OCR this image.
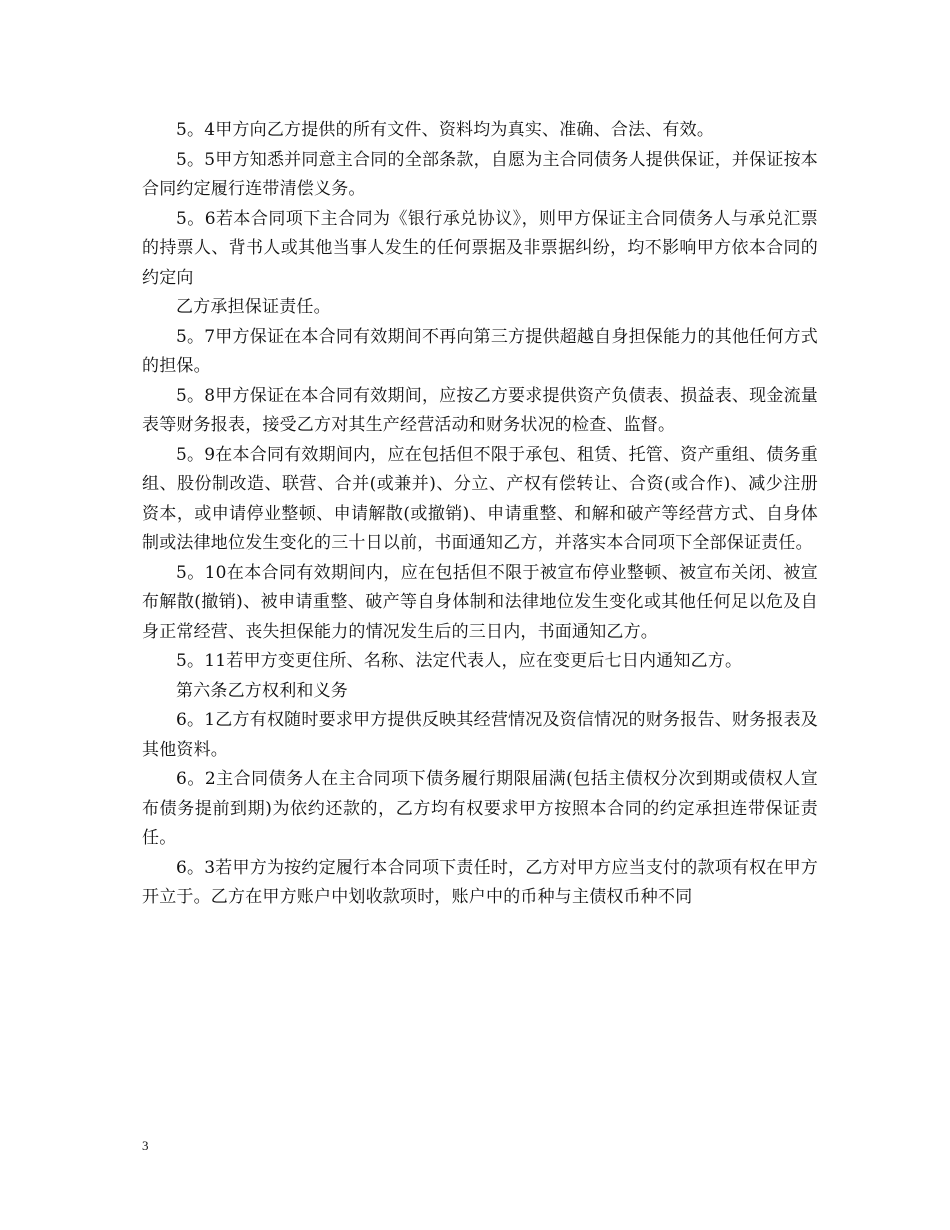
5。4甲方向乙方提供的所有文件、资料均为真实、准确、合法、有效。

5。5甲方知悉并同意主合同的全部条款，自愿为主合同债务人提供保证，并保证按本合同约定履行连带清偿义务。

5。6若本合同项下主合同为《银行承兑协议》，则甲方保证主合同债务人与承兑汇票的持票人、背书人或其他当事人发生的任何票据及非票据纠纷，均不影响甲方依本合同的约定向

乙方承担保证责任。

5。7甲方保证在本合同有效期间不再向第三方提供超越自身担保能力的其他任何方式的担保。

5。8甲方保证在本合同有效期间，应按乙方要求提供资产负债表、损益表、现金流量表等财务报表，接受乙方对其生产经营活动和财务状况的检查、监督。

5。9在本合同有效期间内，应在包括但不限于承包、租赁、托管、资产重组、债务重组、股份制改造、联营、合并(或兼并)、分立、产权有偿转让、合资(或合作)、减少注册资本，或申请停业整顿、申请解散(或撤销)、申请重整、和解和破产等经营方式、自身体制或法律地位发生变化的三十日以前，书面通知乙方，并落实本合同项下全部保证责任。

5。10在本合同有效期间内，应在包括但不限于被宣布停业整顿、被宣布关闭、被宣布解散(撤销)、被申请重整、破产等自身体制和法律地位发生变化或其他任何足以危及自身正常经营、丧失担保能力的情况发生后的三日内，书面通知乙方。

5。11若甲方变更住所、名称、法定代表人，应在变更后七日内通知乙方。

第六条乙方权利和义务

6。1乙方有权随时要求甲方提供反映其经营情况及资信情况的财务报告、财务报表及其他资料。

6。2主合同债务人在主合同项下债务履行期限届满(包括主债权分次到期或债权人宣布债务提前到期)为依约还款的，乙方均有权要求甲方按照本合同的约定承担连带保证责任。

6。3若甲方为按约定履行本合同项下责任时，乙方对甲方应当支付的款项有权在甲方开立于。乙方在甲方账户中划收款项时，账户中的币种与主债权币种不同

3
